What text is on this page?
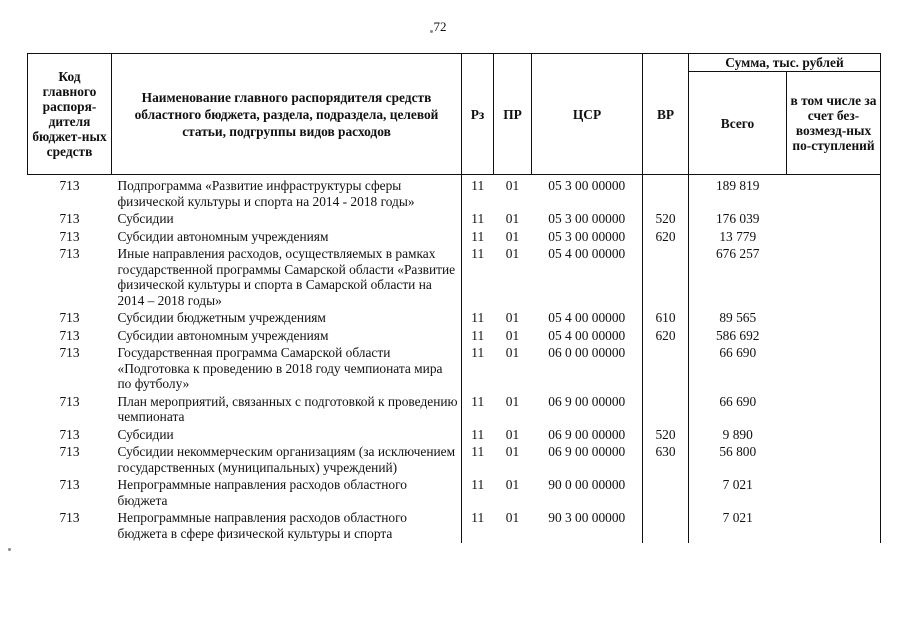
72
Код главного распоря-дителя бюджет-ных средств	Наименование главного распорядителя средств областного бюджета, раздела, подраздела, целевой статьи, подгруппы видов расходов	Рз	ПР	ЦСР	ВР	Сумма, тыс. рублей	
						Всего	в том числе за счет без-возмезд-ных по-ступлений
713	Подпрограмма «Развитие инфраструктуры сферы физической культуры и спорта на 2014 - 2018 годы»	11	01	05 3 00 00000		189 819	
713	Субсидии	11	01	05 3 00 00000	520	176 039	
713	Субсидии автономным учреждениям	11	01	05 3 00 00000	620	13 779	
713	Иные направления расходов, осуществляемых в рамках государственной программы Самарской области «Развитие физической культуры и спорта в Самарской области на 2014 – 2018 годы»	11	01	05 4 00 00000		676 257	
713	Субсидии бюджетным учреждениям	11	01	05 4 00 00000	610	89 565	
713	Субсидии автономным учреждениям	11	01	05 4 00 00000	620	586 692	
713	Государственная программа Самарской области «Подготовка к проведению в 2018 году чемпионата мира по футболу»	11	01	06 0 00 00000		66 690	
713	План мероприятий, связанных с подготовкой к проведению чемпионата	11	01	06 9 00 00000		66 690	
713	Субсидии	11	01	06 9 00 00000	520	9 890	
713	Субсидии некоммерческим организациям (за исключением государственных (муниципальных) учреждений)	11	01	06 9 00 00000	630	56 800	
713	Непрограммные направления расходов областного бюджета	11	01	90 0 00 00000		7 021	
713	Непрограммные направления расходов областного бюджета в сфере физической культуры и спорта	11	01	90 3 00 00000		7 021	
